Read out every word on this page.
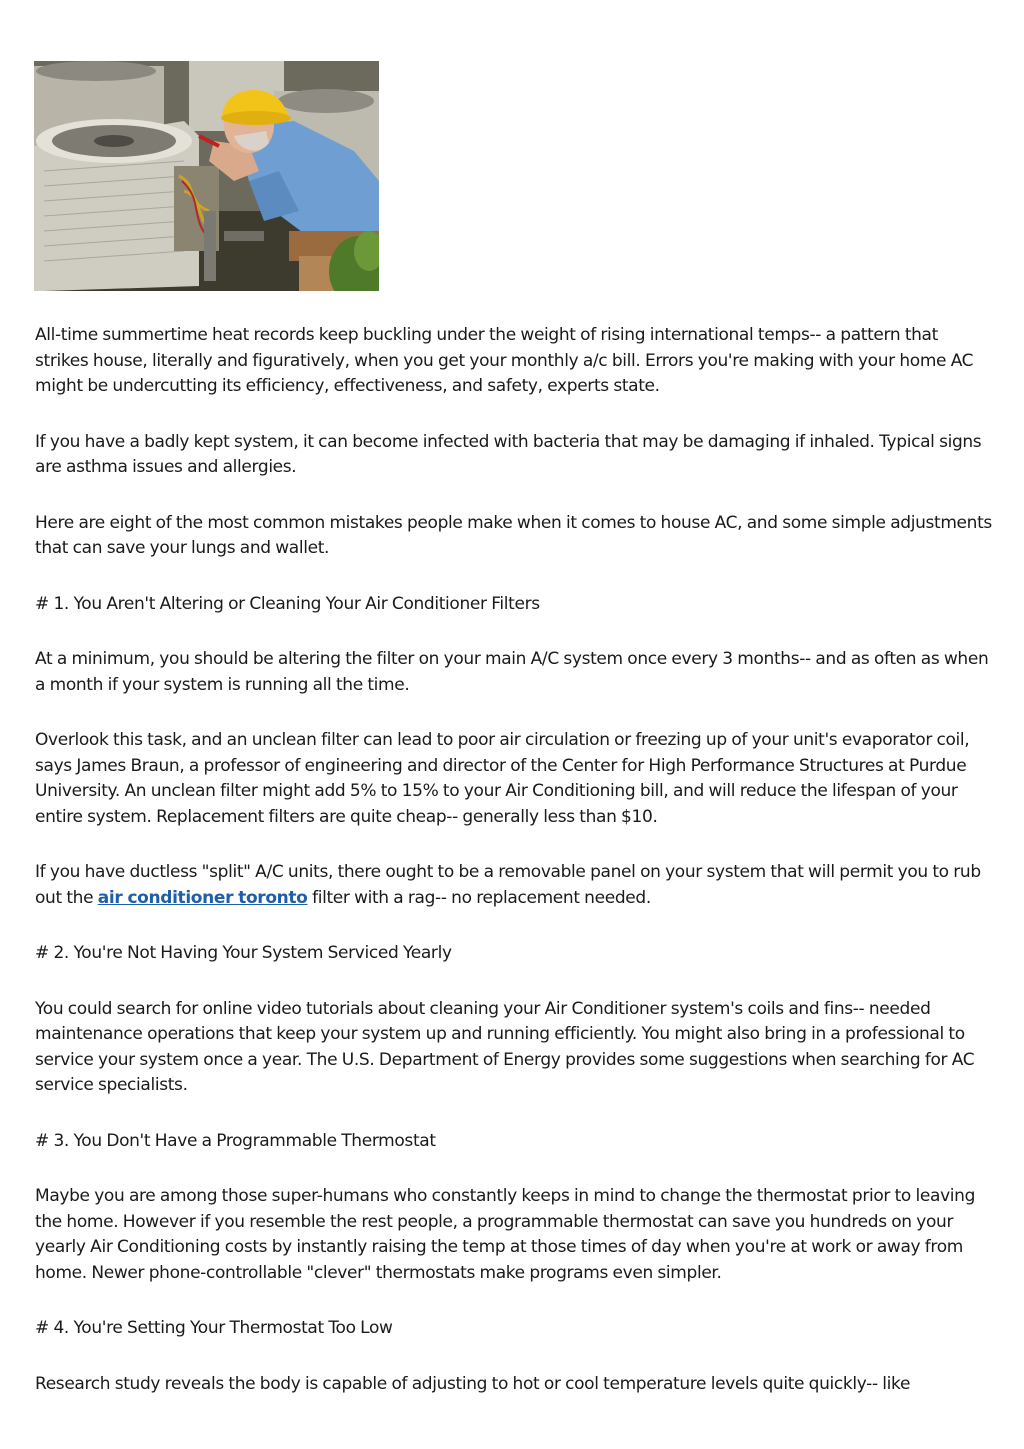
All-time summertime heat records keep buckling under the weight of rising international temps-- a pattern that strikes house, literally and figuratively, when you get your monthly a/c bill. Errors you're making with your home AC might be undercutting its efficiency, effectiveness, and safety, experts state.

If you have a badly kept system, it can become infected with bacteria that may be damaging if inhaled. Typical signs are asthma issues and allergies.

Here are eight of the most common mistakes people make when it comes to house AC, and some simple adjustments that can save your lungs and wallet.

# 1. You Aren't Altering or Cleaning Your Air Conditioner Filters

At a minimum, you should be altering the filter on your main A/C system once every 3 months-- and as often as when a month if your system is running all the time.

Overlook this task, and an unclean filter can lead to poor air circulation or freezing up of your unit's evaporator coil, says James Braun, a professor of engineering and director of the Center for High Performance Structures at Purdue University. An unclean filter might add 5% to 15% to your Air Conditioning bill, and will reduce the lifespan of your entire system. Replacement filters are quite cheap-- generally less than $10.

If you have ductless "split" A/C units, there ought to be a removable panel on your system that will permit you to rub out the air conditioner toronto filter with a rag-- no replacement needed.

# 2. You're Not Having Your System Serviced Yearly

You could search for online video tutorials about cleaning your Air Conditioner system's coils and fins-- needed maintenance operations that keep your system up and running efficiently. You might also bring in a professional to service your system once a year. The U.S. Department of Energy provides some suggestions when searching for AC service specialists.

# 3. You Don't Have a Programmable Thermostat

Maybe you are among those super-humans who constantly keeps in mind to change the thermostat prior to leaving the home. However if you resemble the rest people, a programmable thermostat can save you hundreds on your yearly Air Conditioning costs by instantly raising the temp at those times of day when you're at work or away from home. Newer phone-controllable "clever" thermostats make programs even simpler.

# 4. You're Setting Your Thermostat Too Low

Research study reveals the body is capable of adjusting to hot or cool temperature levels quite quickly-- like
